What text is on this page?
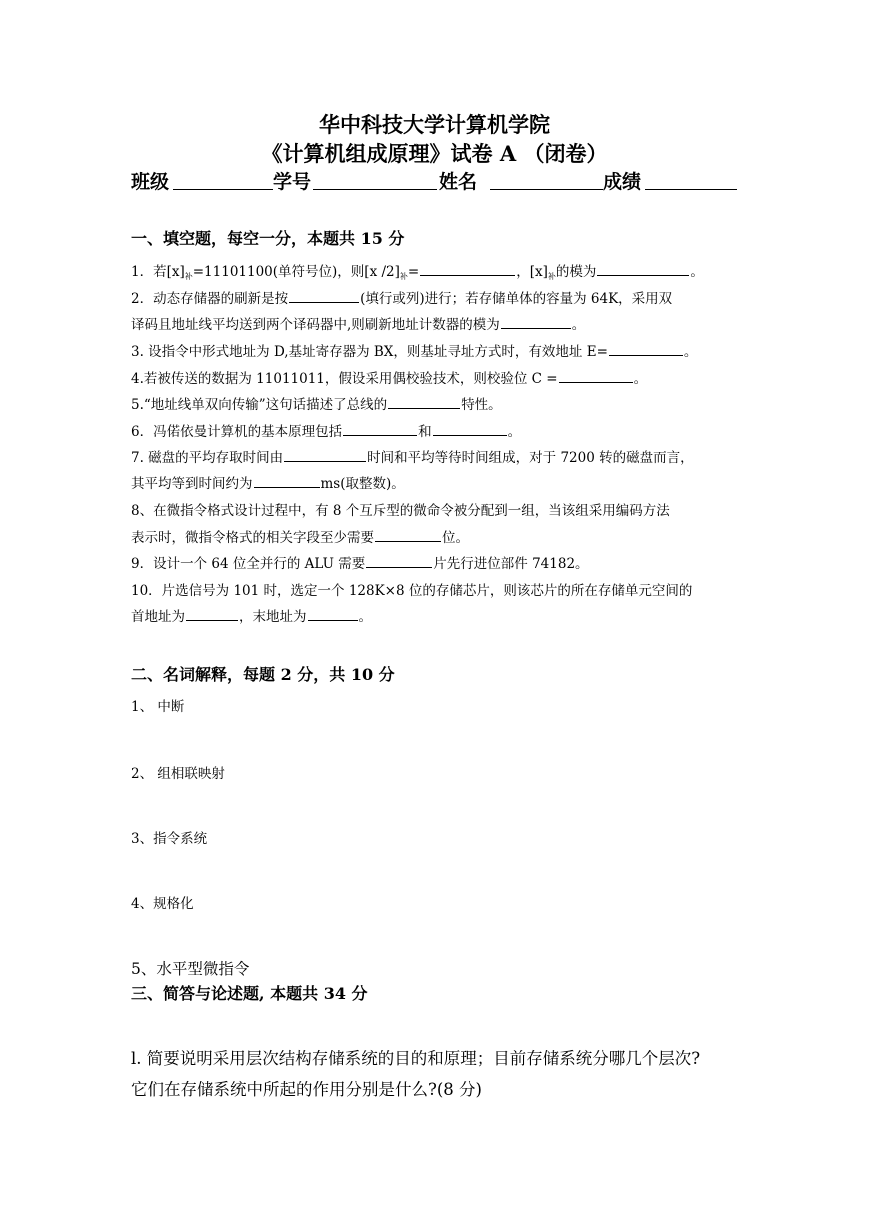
华中科技大学计算机学院
《计算机组成原理》试卷 A （闭卷）
班级	学号	姓名	成绩
一、填空题，每空一分，本题共 15 分
1．若$[x]_补=11101100$(单符号位)，则[x $/2]_补=$	，$[x]_补$的模为	。
2．动态存储器的刷新是按	(填行或列)进行；若存储单体的容量为 64K，采用双
译码且地址线平均送到两个译码器中,则刷新地址计数器的模为	。
3. 设指令中形式地址为 D,基址寄存器为 BX，则基址寻址方式时，有效地址 E=	。
4.若被传送的数据为 11011011，假设采用偶校验技术，则校验位 C =	。
5.“地址线单双向传输”这句话描述了总线的	特性。
6．冯偌依曼计算机的基本原理包括	和	。
7. 磁盘的平均存取时间由	时间和平均等待时间组成，对于 7200 转的磁盘而言，
其平均等到时间约为	ms(取整数)。
8、在微指令格式设计过程中，有 8 个互斥型的微命令被分配到一组，当该组采用编码方法
表示时，微指令格式的相关字段至少需要	位。
9．设计一个 64 位全并行的 ALU 需要	片先行进位部件 74182。
10．片选信号为 101 时，选定一个 128K×8 位的存储芯片，则该芯片的所在存储单元空间的
首地址为	，末地址为	。
二、名词解释，每题 2 分，共 10 分
1、 中断
2、 组相联映射
3、指令系统
4、规格化
5、水平型微指令
三、简答与论述题, 本题共 34 分
l. 简要说明采用层次结构存储系统的目的和原理；目前存储系统分哪几个层次?
它们在存储系统中所起的作用分别是什么?(8 分)
